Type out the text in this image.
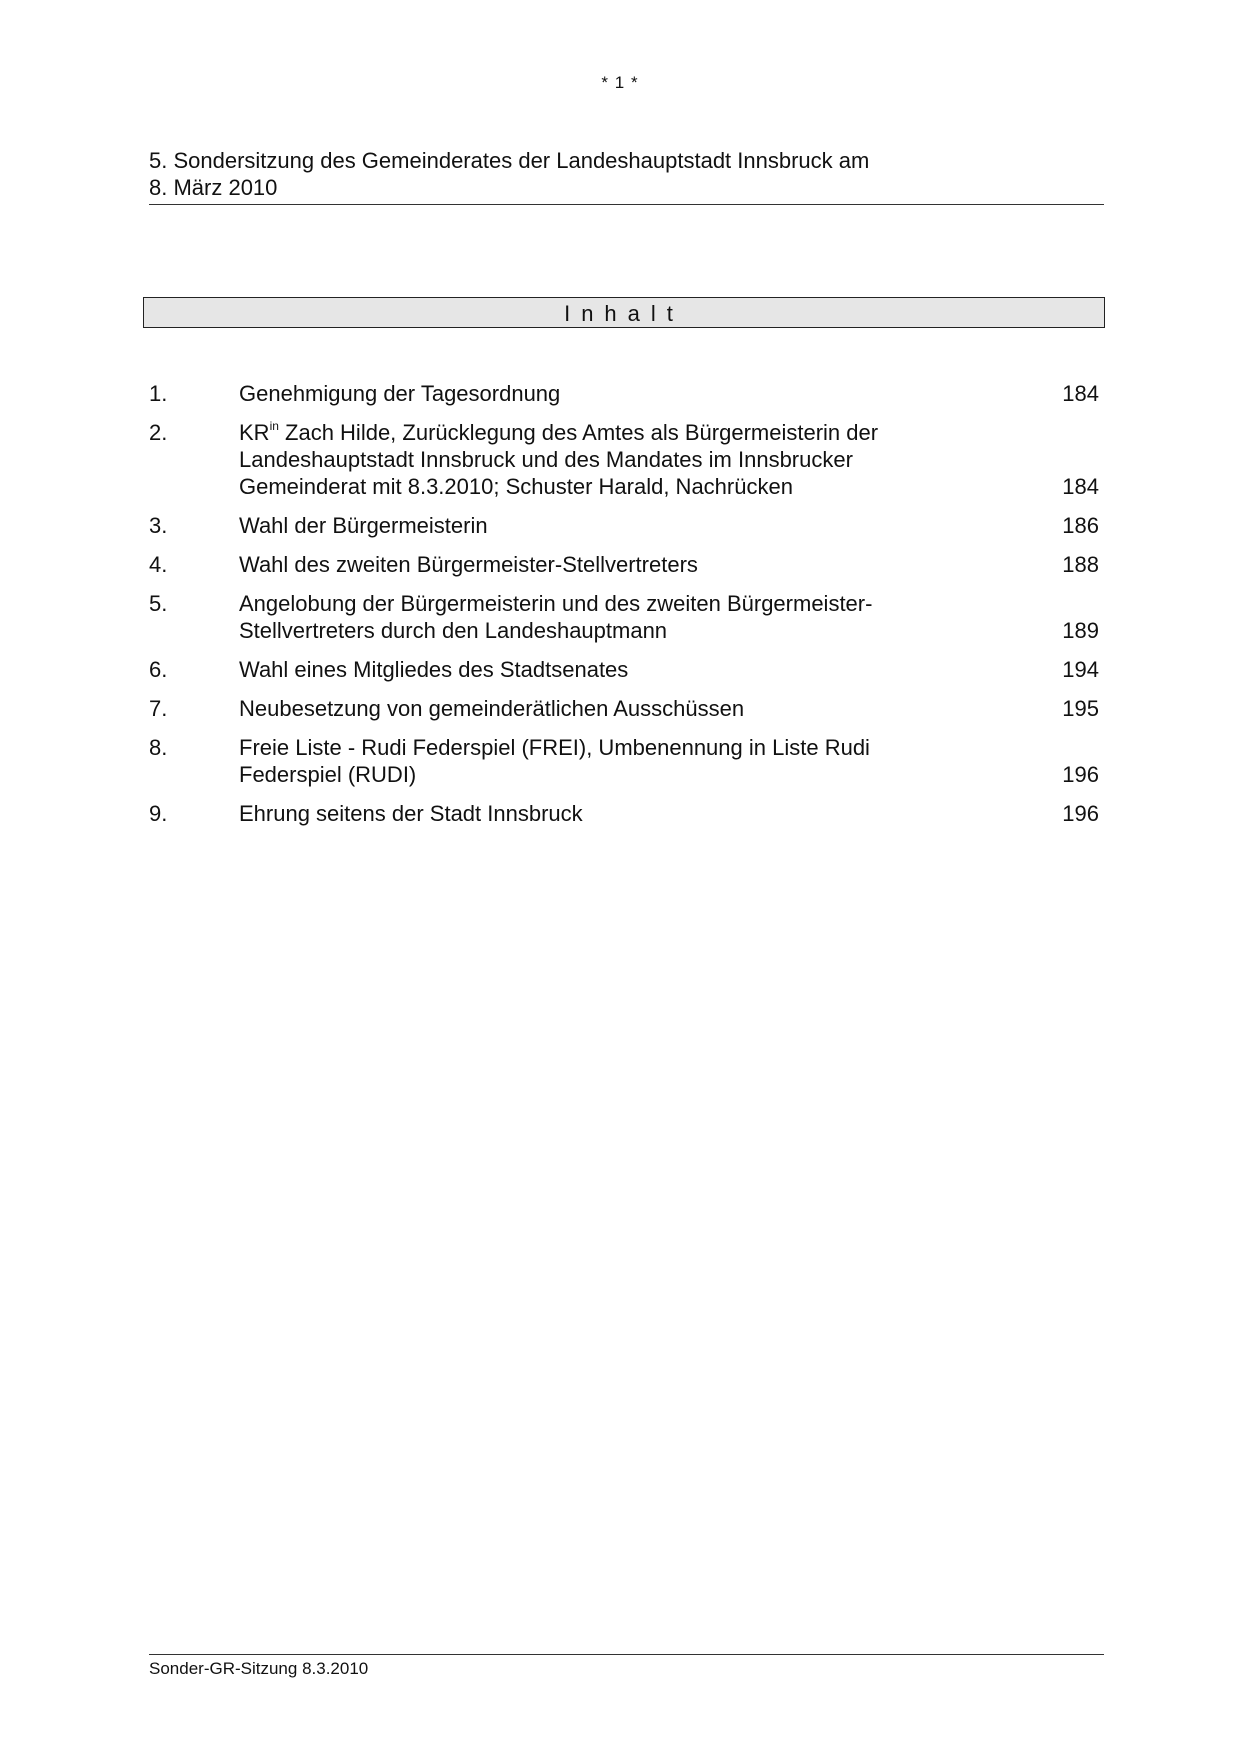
* 1 *
5. Sondersitzung des Gemeinderates der Landeshauptstadt Innsbruck am
8. März 2010
Inhalt
1.	Genehmigung der Tagesordnung	184
2.	$KR^{in}$ Zach Hilde, Zurücklegung des Amtes als Bürgermeisterin der
Landeshauptstadt Innsbruck und des Mandates im Innsbrucker
Gemeinderat mit 8.3.2010; Schuster Harald, Nachrücken	184
3.	Wahl der Bürgermeisterin	186
4.	Wahl des zweiten Bürgermeister-Stellvertreters	188
5.	Angelobung der Bürgermeisterin und des zweiten Bürgermeister-
Stellvertreters durch den Landeshauptmann	189
6.	Wahl eines Mitgliedes des Stadtsenates	194
7.	Neubesetzung von gemeinderätlichen Ausschüssen	195
8.	Freie Liste - Rudi Federspiel (FREI), Umbenennung in Liste Rudi
Federspiel (RUDI)	196
9.	Ehrung seitens der Stadt Innsbruck	196
Sonder-GR-Sitzung 8.3.2010
